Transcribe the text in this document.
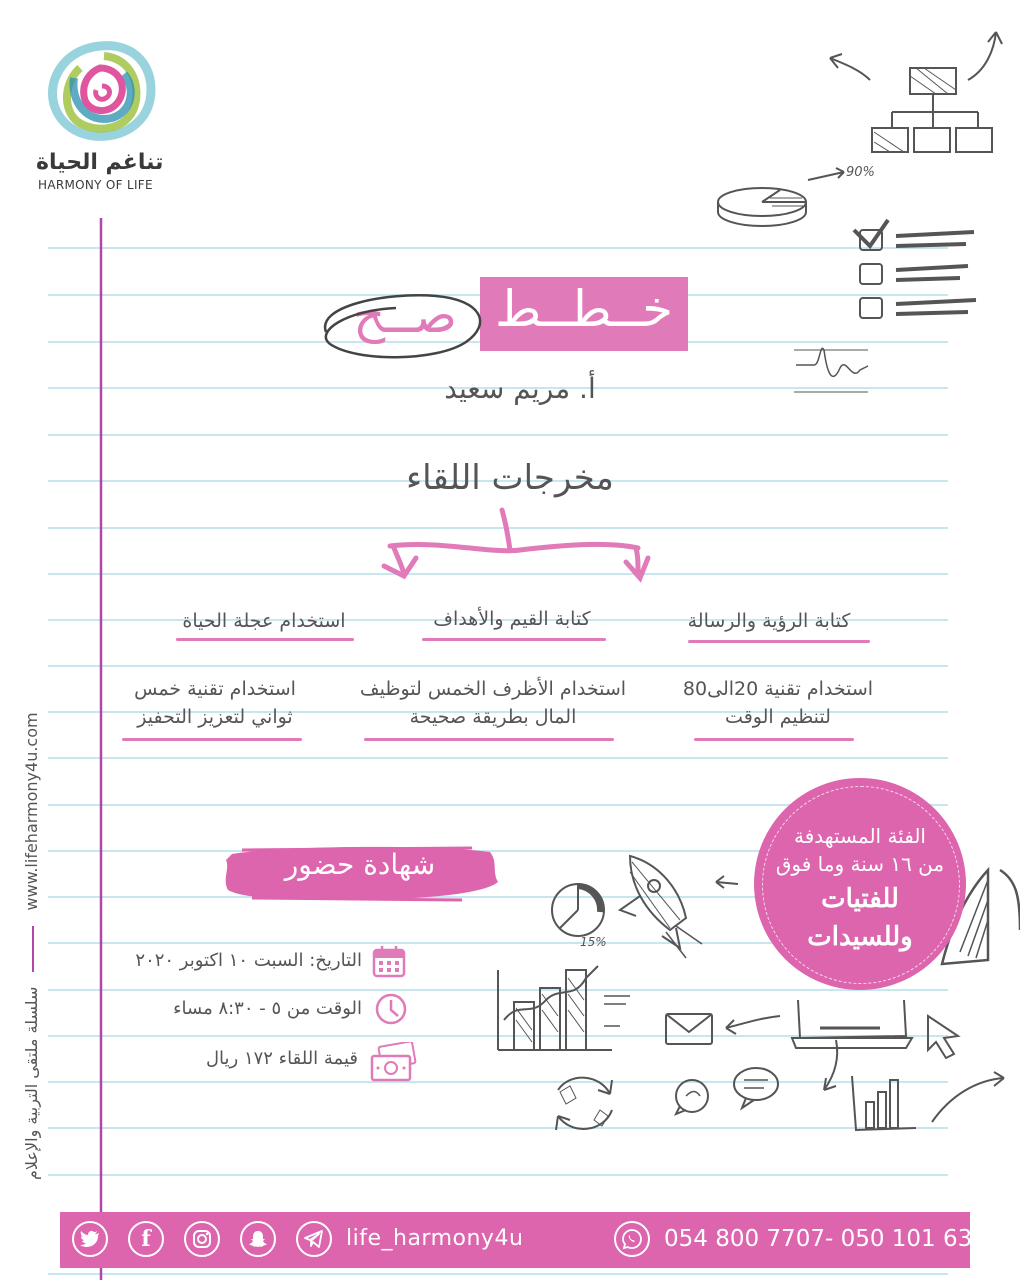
تناغم الحياة
HARMONY OF LIFE
90%
خــطــط
صــح
أ. مريم سعيد
مخرجات اللقاء
كتابة الرؤية والرسالة
كتابة القيم والأهداف
استخدام عجلة الحياة
استخدام تقنية 20الى80
لتنظيم الوقت
استخدام الأظرف الخمس لتوظيف
المال بطريقة صحيحة
استخدام تقنية خمس
ثواني لتعزيز التحفيز
شهادة حضور
التاريخ: السبت ١٠ اكتوبر ٢٠٢٠
الوقت من ٥ - ٨:٣٠ مساء
قيمة اللقاء ١٧٢ ريال
15%
الفئة المستهدفة
من ١٦ سنة وما فوق
للفتيات
وللسيدات
سلسلة ملتقى التربية والإعلام  www.lifeharmony4u.com
f	life_harmony4u	054 800 7707- 050 101 6393
